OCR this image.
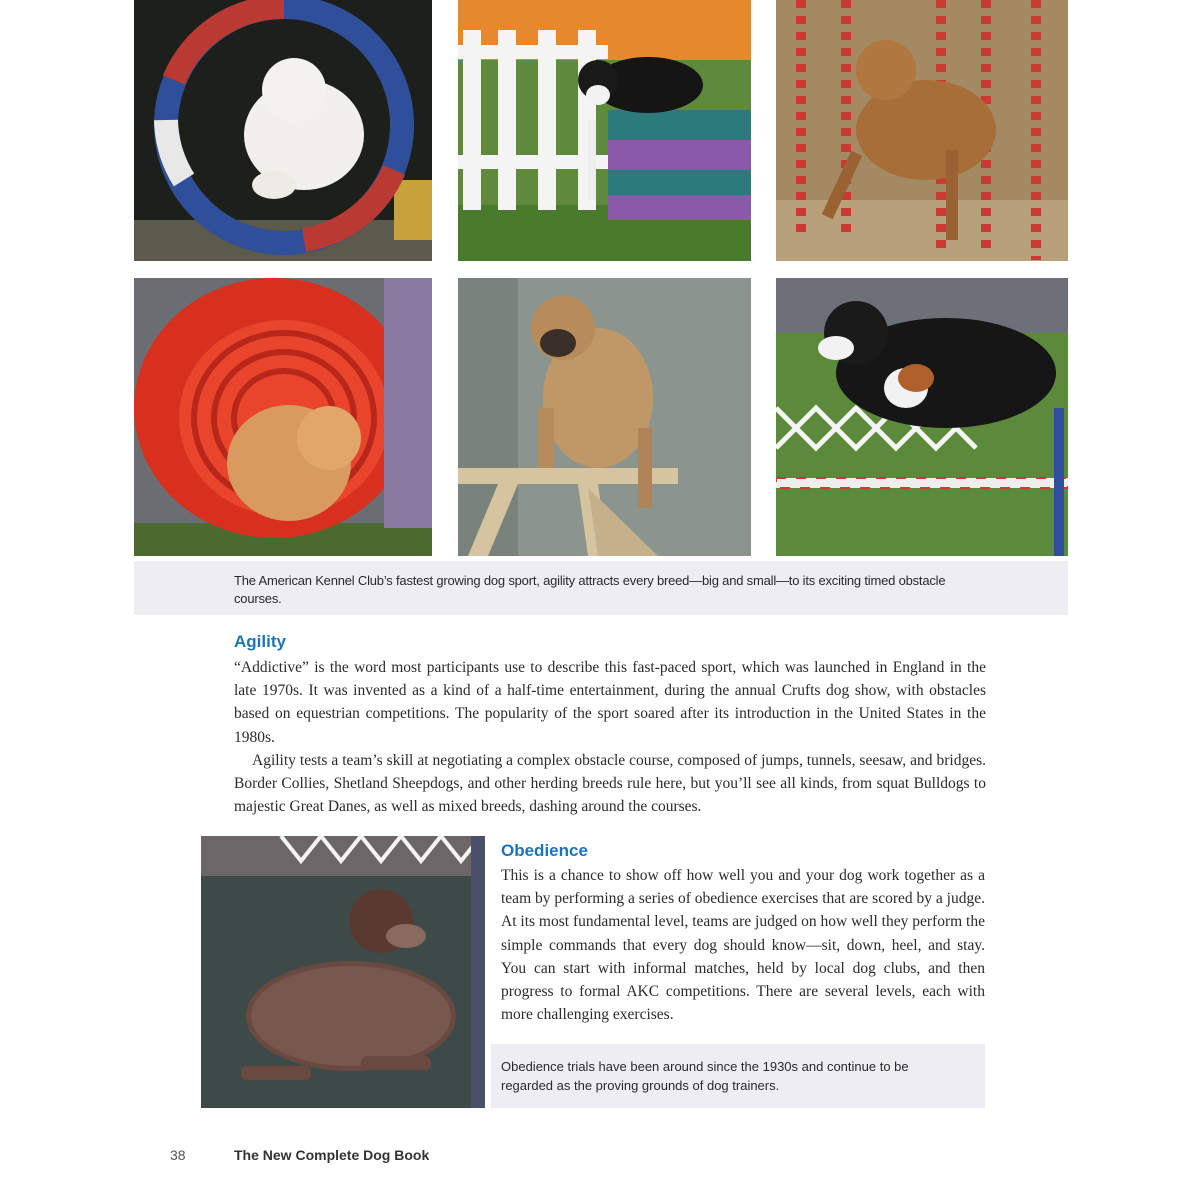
The American Kennel Club’s fastest growing dog sport, agility attracts every breed—big and small—to its exciting timed obstacle courses.
Agility

“Addictive” is the word most participants use to describe this fast-paced sport, which was launched in England in the late 1970s. It was invented as a kind of a half-time entertainment, during the annual Crufts dog show, with obstacles based on equestrian competitions. The popularity of the sport soared after its introduction in the United States in the 1980s.

Agility tests a team’s skill at negotiating a complex obstacle course, composed of jumps, tunnels, seesaw, and bridges. Border Collies, Shetland Sheepdogs, and other herding breeds rule here, but you’ll see all kinds, from squat Bulldogs to majestic Great Danes, as well as mixed breeds, dashing around the courses.

Obedience

This is a chance to show off how well you and your dog work together as a team by performing a series of obedience exercises that are scored by a judge. At its most fundamental level, teams are judged on how well they perform the simple commands that every dog should know—sit, down, heel, and stay. You can start with informal matches, held by local dog clubs, and then progress to formal AKC competitions. There are several levels, each with more challenging exercises.

Obedience trials have been around since the 1930s and continue to be regarded as the proving grounds of dog trainers.
38	The New Complete Dog Book
